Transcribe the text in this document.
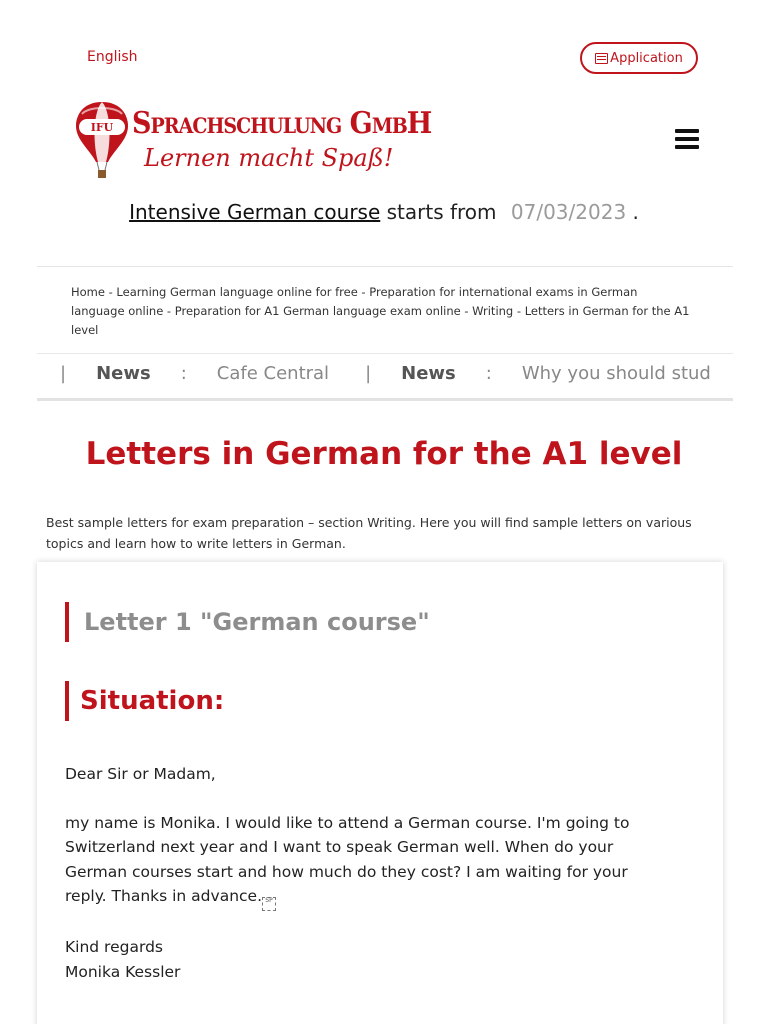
English	Application
IFU Sprachschulung GmbH
Lernen macht Spaß!
Intensive German course starts from 07/03/2023 .
Home - Learning German language online for free - Preparation for international exams in German language online - Preparation for A1 German language exam online - Writing - Letters in German for the A1 level
| News : Cafe Central | News : Why you should stud
Letters in German for the A1 level

Best sample letters for exam preparation – section Writing. Here you will find sample letters on various topics and learn how to write letters in German.

Letter 1 "German course"
Situation:

Dear Sir or Madam,

my name is Monika. I would like to attend a German course. I'm going to Switzerland next year and I want to speak German well. When do your German courses start and how much do they cost? I am waiting for your reply. Thanks in advance. SP

Kind regards

Monika Kessler
